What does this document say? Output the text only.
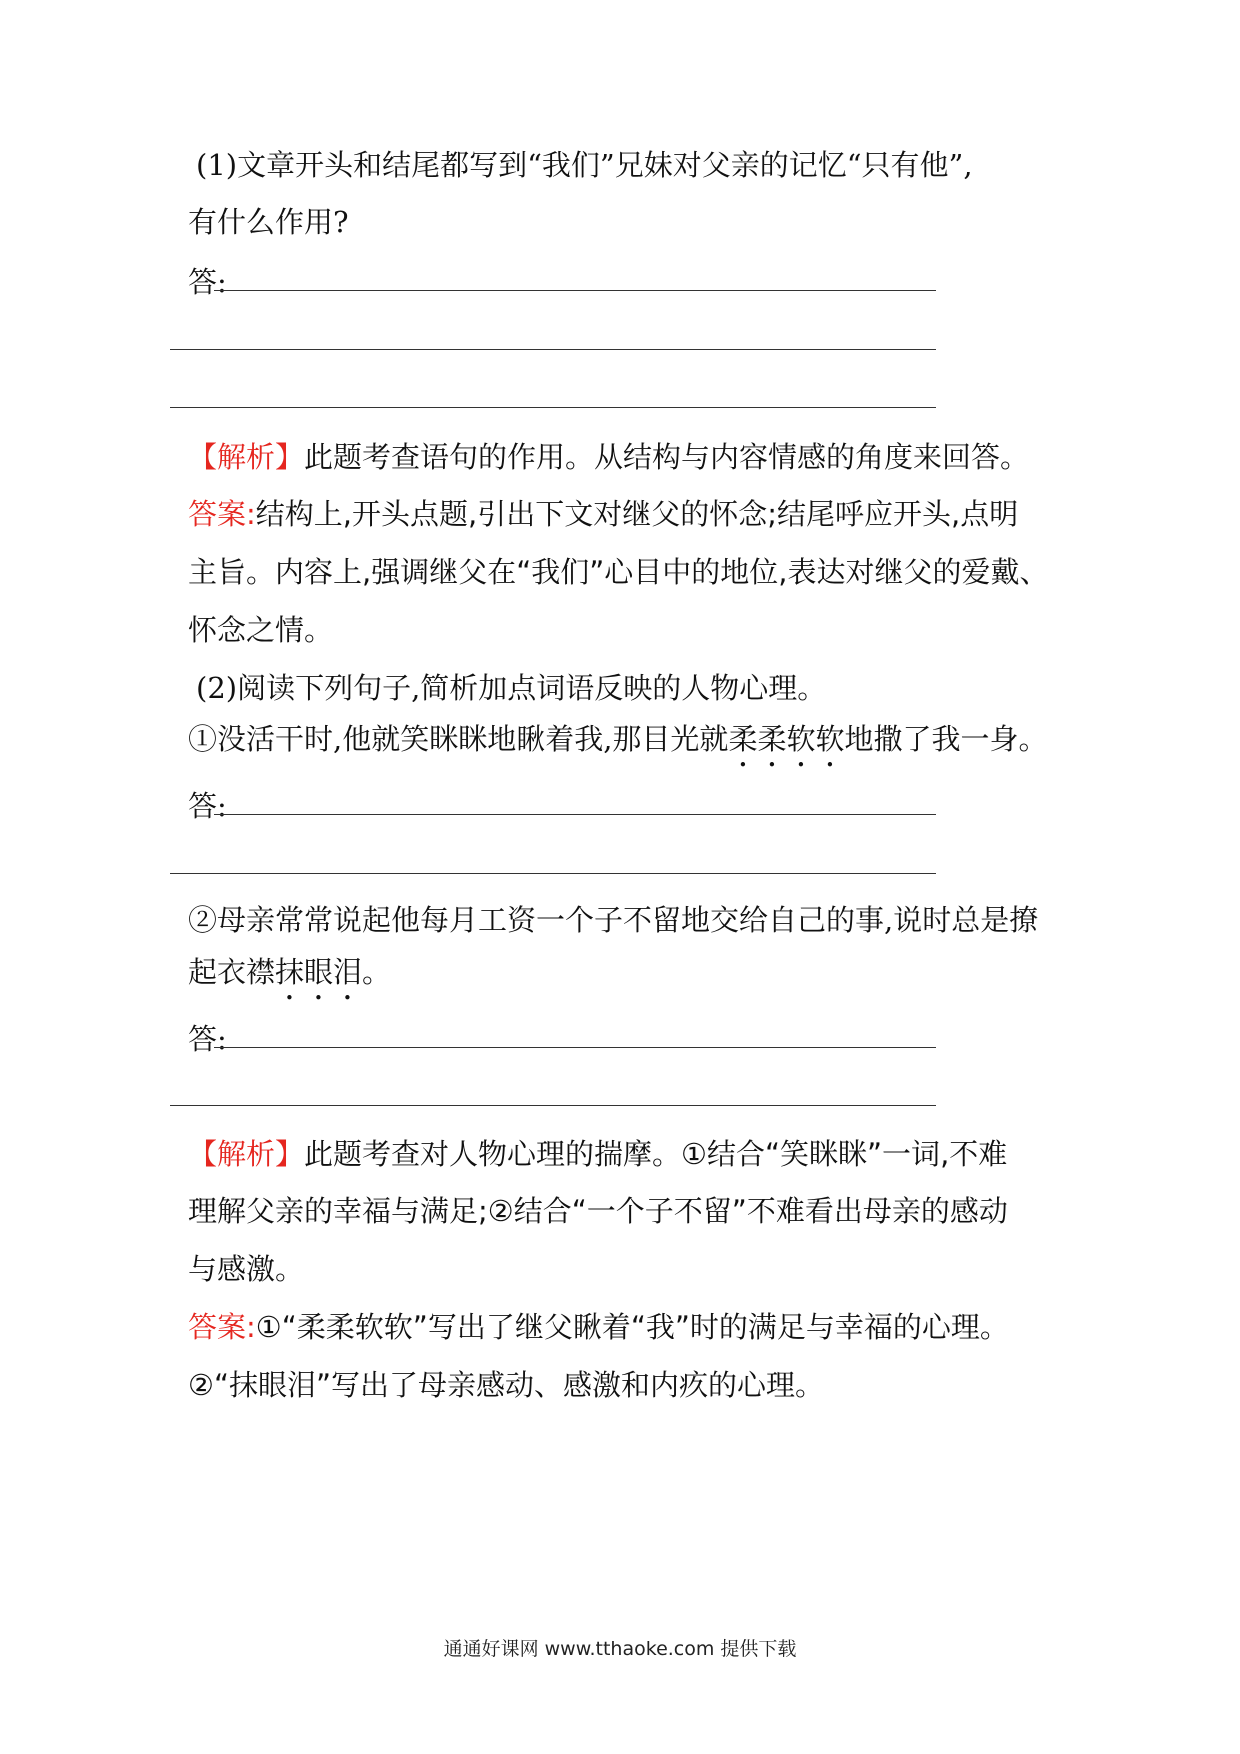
(1)文章开头和结尾都写到“我们”兄妹对父亲的记忆“只有他”,
有什么作用?
答:
【解析】此题考查语句的作用。从结构与内容情感的角度来回答。
答案:结构上,开头点题,引出下文对继父的怀念;结尾呼应开头,点明
主旨。内容上,强调继父在“我们”心目中的地位,表达对继父的爱戴、
怀念之情。
(2)阅读下列句子,简析加点词语反映的人物心理。
①没活干时,他就笑眯眯地瞅着我,那目光就柔柔软软地撒了我一身。
答:
②母亲常常说起他每月工资一个子不留地交给自己的事,说时总是撩
起衣襟抹眼泪。
答:
【解析】此题考查对人物心理的揣摩。①结合“笑眯眯”一词,不难
理解父亲的幸福与满足;②结合“一个子不留”不难看出母亲的感动
与感激。
答案:①“柔柔软软”写出了继父瞅着“我”时的满足与幸福的心理。
②“抹眼泪”写出了母亲感动、感激和内疚的心理。
通通好课网 www.tthaoke.com 提供下载
